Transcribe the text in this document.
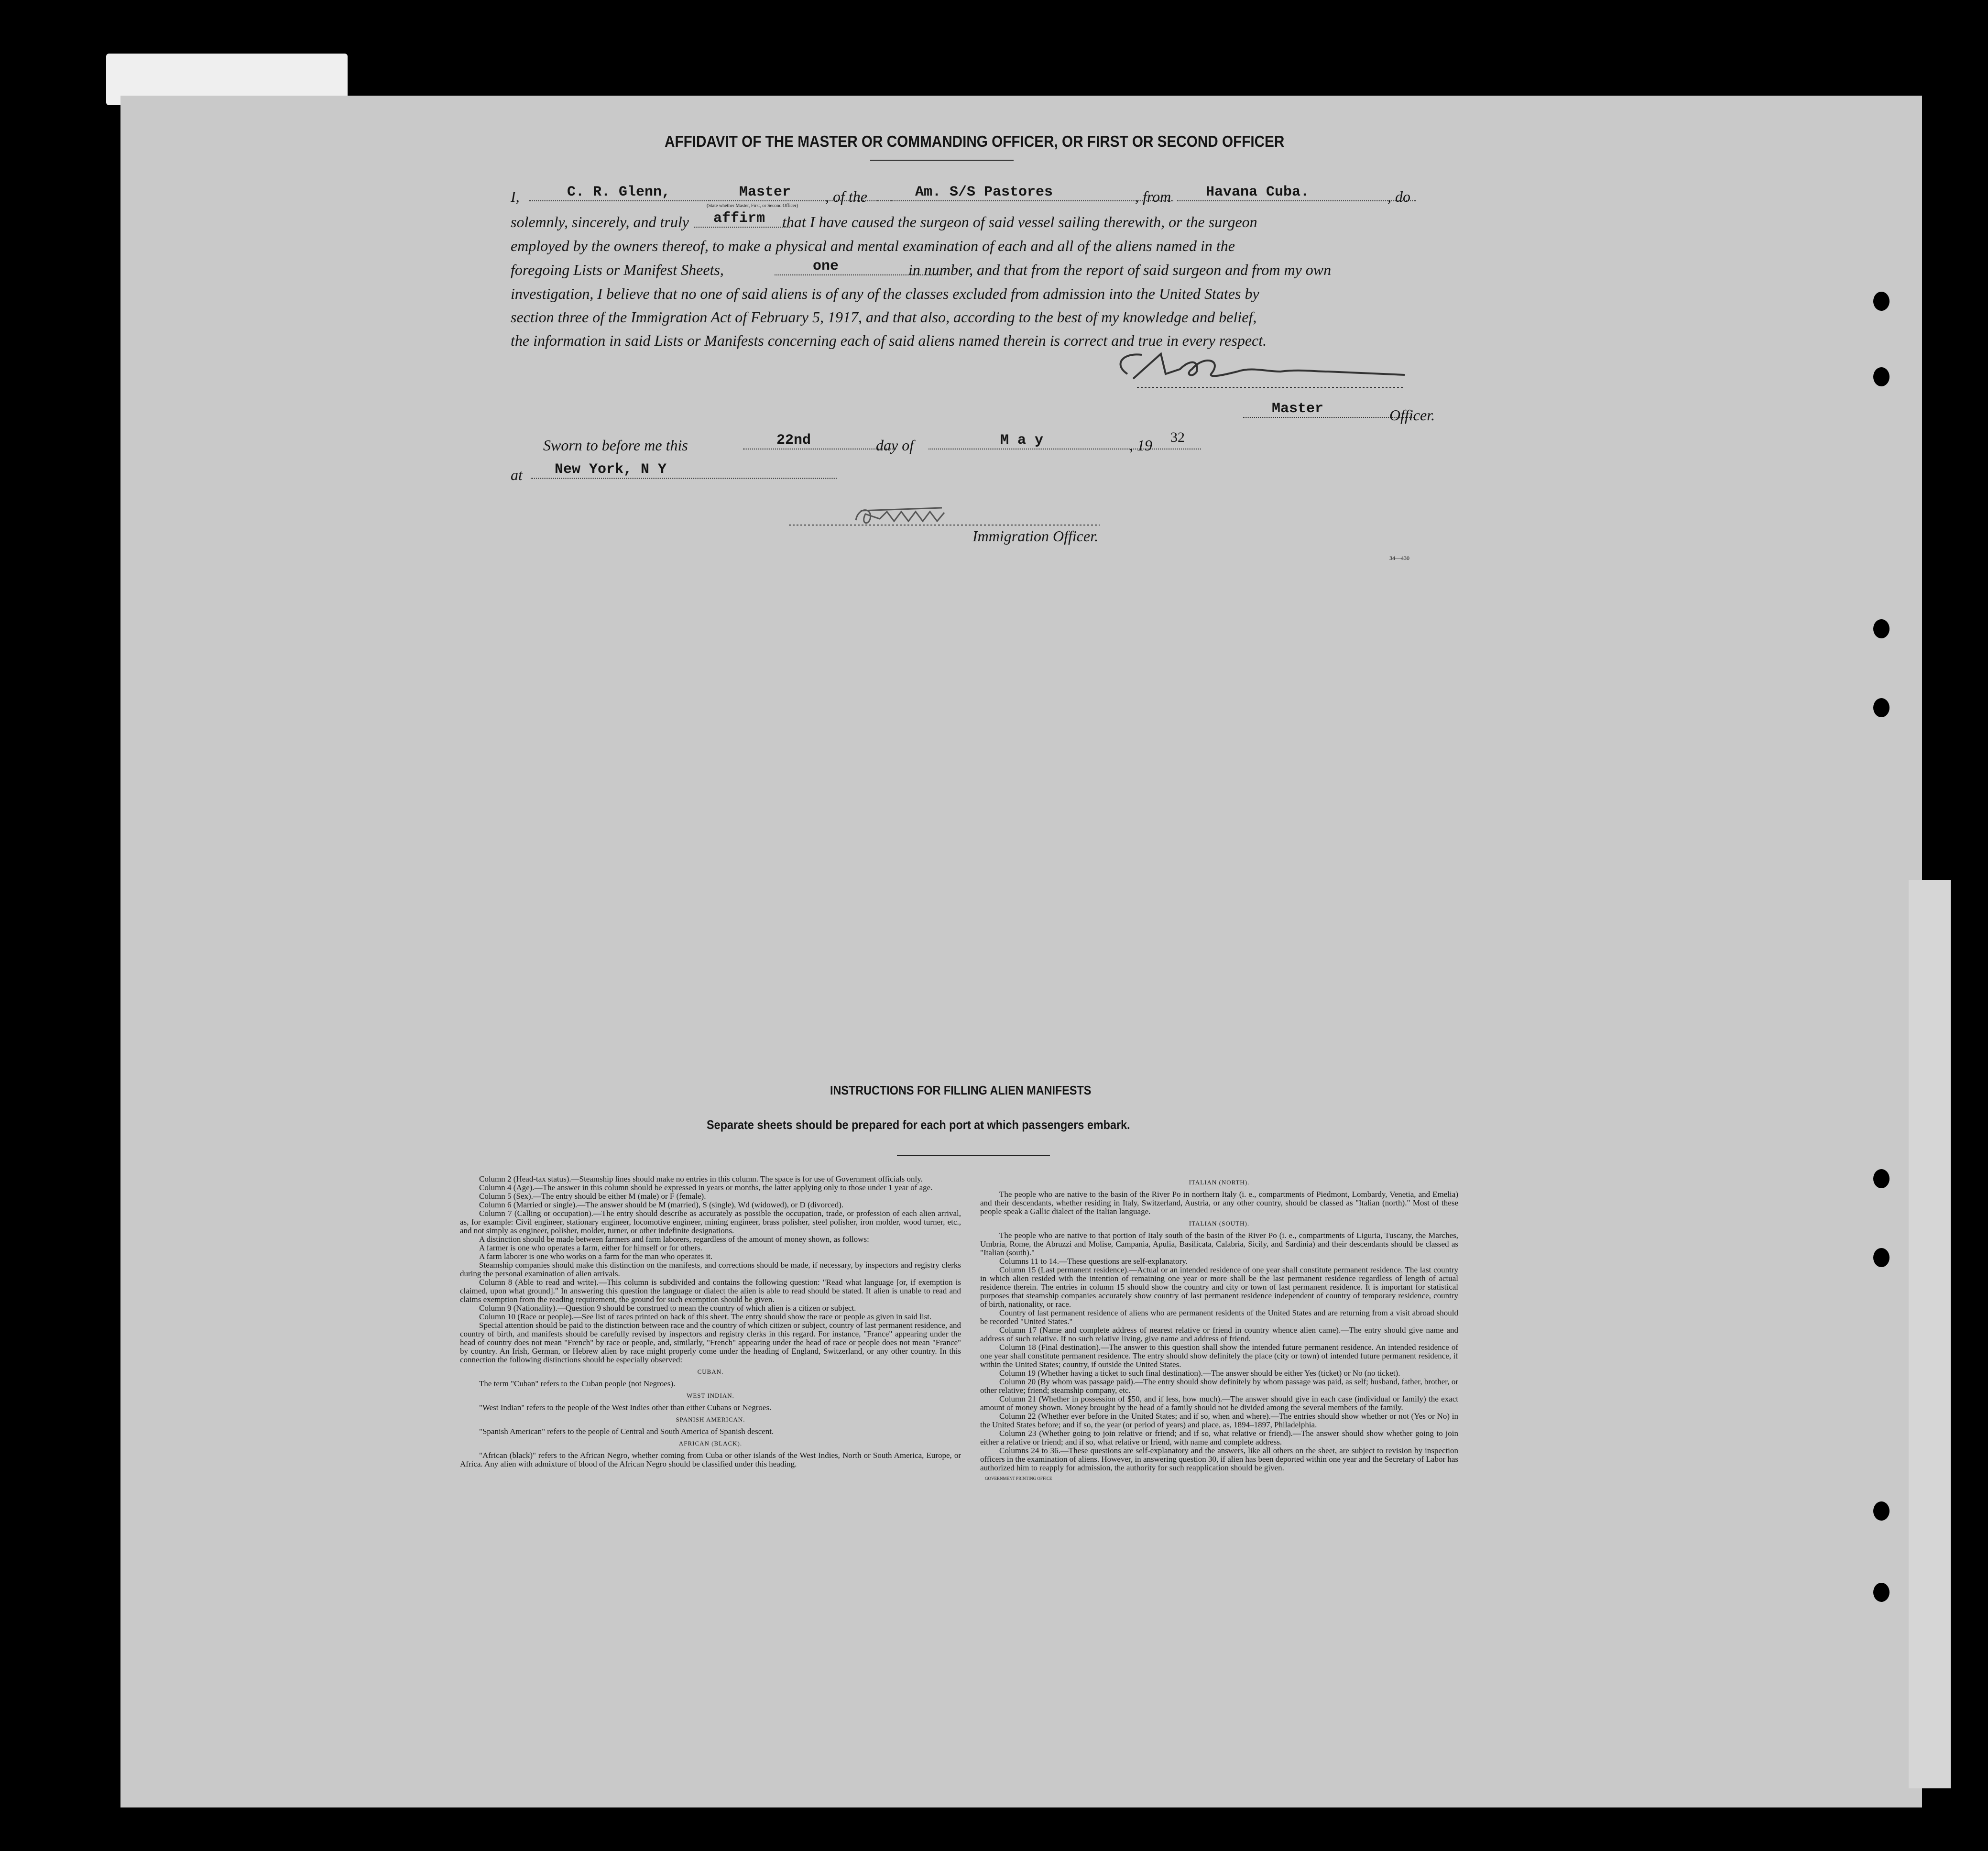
AFFIDAVIT OF THE MASTER OR COMMANDING OFFICER, OR FIRST OR SECOND OFFICER
I,	C. R. Glenn,	Master
(State whether Master, First, or Second Officer)
, of the	Am. S/S Pastores	, from	Havana Cuba.	, do
solemnly, sincerely, and truly	affirm	that I have caused the surgeon of said vessel sailing therewith, or the surgeon
employed by the owners thereof, to make a physical and mental examination of each and all of the aliens named in the
foregoing Lists or Manifest Sheets,	one	in number, and that from the report of said surgeon and from my own
investigation, I believe that no one of said aliens is of any of the classes excluded from admission into the United States by
section three of the Immigration Act of February 5, 1917, and that also, according to the best of my knowledge and belief,
the information in said Lists or Manifests concerning each of said aliens named therein is correct and true in every respect.
Master	Officer.
Sworn to before me this	22nd	day of	M a y	, 19 32
at	New York, N Y
Immigration Officer.
34—430
INSTRUCTIONS FOR FILLING ALIEN MANIFESTS
Separate sheets should be prepared for each port at which passengers embark.

Column 2 (Head-tax status).—Steamship lines should make no entries in this column. The space is for use of Government officials only.

Column 4 (Age).—The answer in this column should be expressed in years or months, the latter applying only to those under 1 year of age.

Column 5 (Sex).—The entry should be either M (male) or F (female).

Column 6 (Married or single).—The answer should be M (married), S (single), Wd (widowed), or D (divorced).

Column 7 (Calling or occupation).—The entry should describe as accurately as possible the occupation, trade, or profession of each alien arrival, as, for example: Civil engineer, stationary engineer, locomotive engineer, mining engineer, brass polisher, steel polisher, iron molder, wood turner, etc., and not simply as engineer, polisher, molder, turner, or other indefinite designations.

A distinction should be made between farmers and farm laborers, regardless of the amount of money shown, as follows:

A farmer is one who operates a farm, either for himself or for others.

A farm laborer is one who works on a farm for the man who operates it.

Steamship companies should make this distinction on the manifests, and corrections should be made, if necessary, by inspectors and registry clerks during the personal examination of alien arrivals.

Column 8 (Able to read and write).—This column is subdivided and contains the following question: "Read what language [or, if exemption is claimed, upon what ground]." In answering this question the language or dialect the alien is able to read should be stated. If alien is unable to read and claims exemption from the reading requirement, the ground for such exemption should be given.

Column 9 (Nationality).—Question 9 should be construed to mean the country of which alien is a citizen or subject.

Column 10 (Race or people).—See list of races printed on back of this sheet. The entry should show the race or people as given in said list.

Special attention should be paid to the distinction between race and the country of which citizen or subject, country of last permanent residence, and country of birth, and manifests should be carefully revised by inspectors and registry clerks in this regard. For instance, "France" appearing under the head of country does not mean "French" by race or people, and, similarly, "French" appearing under the head of race or people does not mean "France" by country. An Irish, German, or Hebrew alien by race might properly come under the heading of England, Switzerland, or any other country. In this connection the following distinctions should be especially observed:

CUBAN.

The term "Cuban" refers to the Cuban people (not Negroes).

WEST INDIAN.

"West Indian" refers to the people of the West Indies other than either Cubans or Negroes.

SPANISH AMERICAN.

"Spanish American" refers to the people of Central and South America of Spanish descent.

AFRICAN (BLACK).

"African (black)" refers to the African Negro, whether coming from Cuba or other islands of the West Indies, North or South America, Europe, or Africa. Any alien with admixture of blood of the African Negro should be classified under this heading.

ITALIAN (NORTH).

The people who are native to the basin of the River Po in northern Italy (i. e., compartments of Piedmont, Lombardy, Venetia, and Emelia) and their descendants, whether residing in Italy, Switzerland, Austria, or any other country, should be classed as "Italian (north)." Most of these people speak a Gallic dialect of the Italian language.

ITALIAN (SOUTH).

The people who are native to that portion of Italy south of the basin of the River Po (i. e., compartments of Liguria, Tuscany, the Marches, Umbria, Rome, the Abruzzi and Molise, Campania, Apulia, Basilicata, Calabria, Sicily, and Sardinia) and their descendants should be classed as "Italian (south)."

Columns 11 to 14.—These questions are self-explanatory.

Column 15 (Last permanent residence).—Actual or an intended residence of one year shall constitute permanent residence. The last country in which alien resided with the intention of remaining one year or more shall be the last permanent residence regardless of length of actual residence therein. The entries in column 15 should show the country and city or town of last permanent residence. It is important for statistical purposes that steamship companies accurately show country of last permanent residence independent of country of temporary residence, country of birth, nationality, or race.

Country of last permanent residence of aliens who are permanent residents of the United States and are returning from a visit abroad should be recorded "United States."

Column 17 (Name and complete address of nearest relative or friend in country whence alien came).—The entry should give name and address of such relative. If no such relative living, give name and address of friend.

Column 18 (Final destination).—The answer to this question shall show the intended future permanent residence. An intended residence of one year shall constitute permanent residence. The entry should show definitely the place (city or town) of intended future permanent residence, if within the United States; country, if outside the United States.

Column 19 (Whether having a ticket to such final destination).—The answer should be either Yes (ticket) or No (no ticket).

Column 20 (By whom was passage paid).—The entry should show definitely by whom passage was paid, as self; husband, father, brother, or other relative; friend; steamship company, etc.

Column 21 (Whether in possession of $50, and if less, how much).—The answer should give in each case (individual or family) the exact amount of money shown. Money brought by the head of a family should not be divided among the several members of the family.

Column 22 (Whether ever before in the United States; and if so, when and where).—The entries should show whether or not (Yes or No) in the United States before; and if so, the year (or period of years) and place, as, 1894–1897, Philadelphia.

Column 23 (Whether going to join relative or friend; and if so, what relative or friend).—The answer should show whether going to join either a relative or friend; and if so, what relative or friend, with name and complete address.

Columns 24 to 36.—These questions are self-explanatory and the answers, like all others on the sheet, are subject to revision by inspection officers in the examination of aliens. However, in answering question 30, if alien has been deported within one year and the Secretary of Labor has authorized him to reapply for admission, the authority for such reapplication should be given.

GOVERNMENT PRINTING OFFICE
